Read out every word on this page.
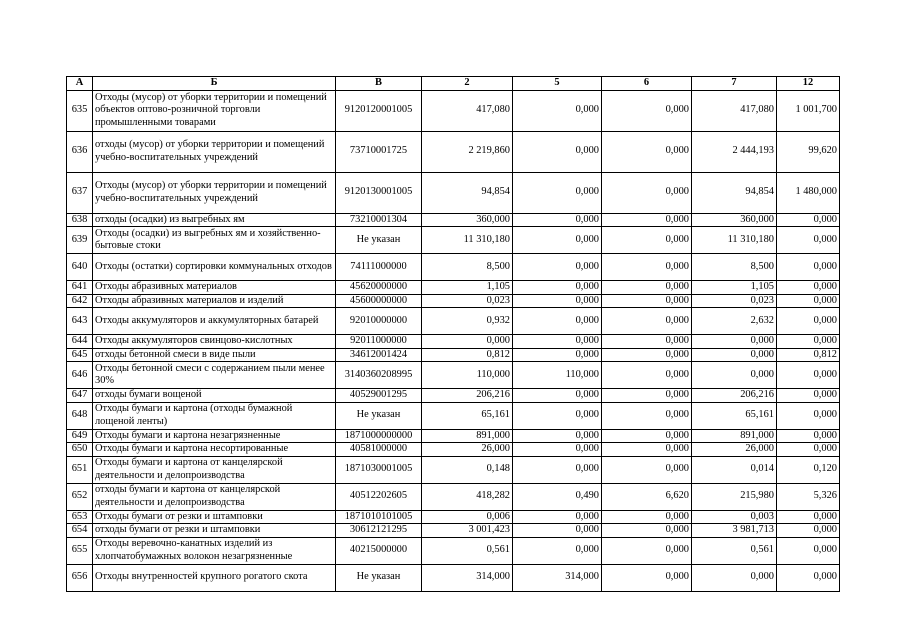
А	Б	В	2	5	6	7	12
635	Отходы (мусор) от уборки территории и помещений объектов оптово-розничной торговли промышленными товарами	9120120001005	417,080	0,000	0,000	417,080	1 001,700
636	отходы (мусор) от уборки территории и помещений учебно-воспитательных учреждений	73710001725	2 219,860	0,000	0,000	2 444,193	99,620
637	Отходы (мусор) от уборки территории и помещений учебно-воспитательных учреждений	9120130001005	94,854	0,000	0,000	94,854	1 480,000
638	отходы (осадки) из выгребных ям	73210001304	360,000	0,000	0,000	360,000	0,000
639	Отходы (осадки) из выгребных ям и хозяйственно-бытовые стоки	Не указан	11 310,180	0,000	0,000	11 310,180	0,000
640	Отходы (остатки) сортировки коммунальных отходов	74111000000	8,500	0,000	0,000	8,500	0,000
641	Отходы абразивных материалов	45620000000	1,105	0,000	0,000	1,105	0,000
642	Отходы абразивных материалов и изделий	45600000000	0,023	0,000	0,000	0,023	0,000
643	Отходы аккумуляторов и аккумуляторных батарей	92010000000	0,932	0,000	0,000	2,632	0,000
644	Отходы аккумуляторов свинцово-кислотных	92011000000	0,000	0,000	0,000	0,000	0,000
645	отходы бетонной смеси в виде пыли	34612001424	0,812	0,000	0,000	0,000	0,812
646	Отходы бетонной смеси с содержанием пыли менее 30%	3140360208995	110,000	110,000	0,000	0,000	0,000
647	отходы бумаги вощеной	40529001295	206,216	0,000	0,000	206,216	0,000
648	Отходы бумаги и картона (отходы бумажной лощеной ленты)	Не указан	65,161	0,000	0,000	65,161	0,000
649	Отходы бумаги и картона незагрязненные	1871000000000	891,000	0,000	0,000	891,000	0,000
650	Отходы бумаги и картона несортированные	40581000000	26,000	0,000	0,000	26,000	0,000
651	Отходы бумаги и картона от канцелярской деятельности и делопроизводства	1871030001005	0,148	0,000	0,000	0,014	0,120
652	отходы бумаги и картона от канцелярской деятельности и делопроизводства	40512202605	418,282	0,490	6,620	215,980	5,326
653	Отходы бумаги от резки и штамповки	1871010101005	0,006	0,000	0,000	0,003	0,000
654	отходы бумаги от резки и штамповки	30612121295	3 001,423	0,000	0,000	3 981,713	0,000
655	Отходы веревочно-канатных изделий из хлопчатобумажных волокон незагрязненные	40215000000	0,561	0,000	0,000	0,561	0,000
656	Отходы внутренностей крупного рогатого скота	Не указан	314,000	314,000	0,000	0,000	0,000
